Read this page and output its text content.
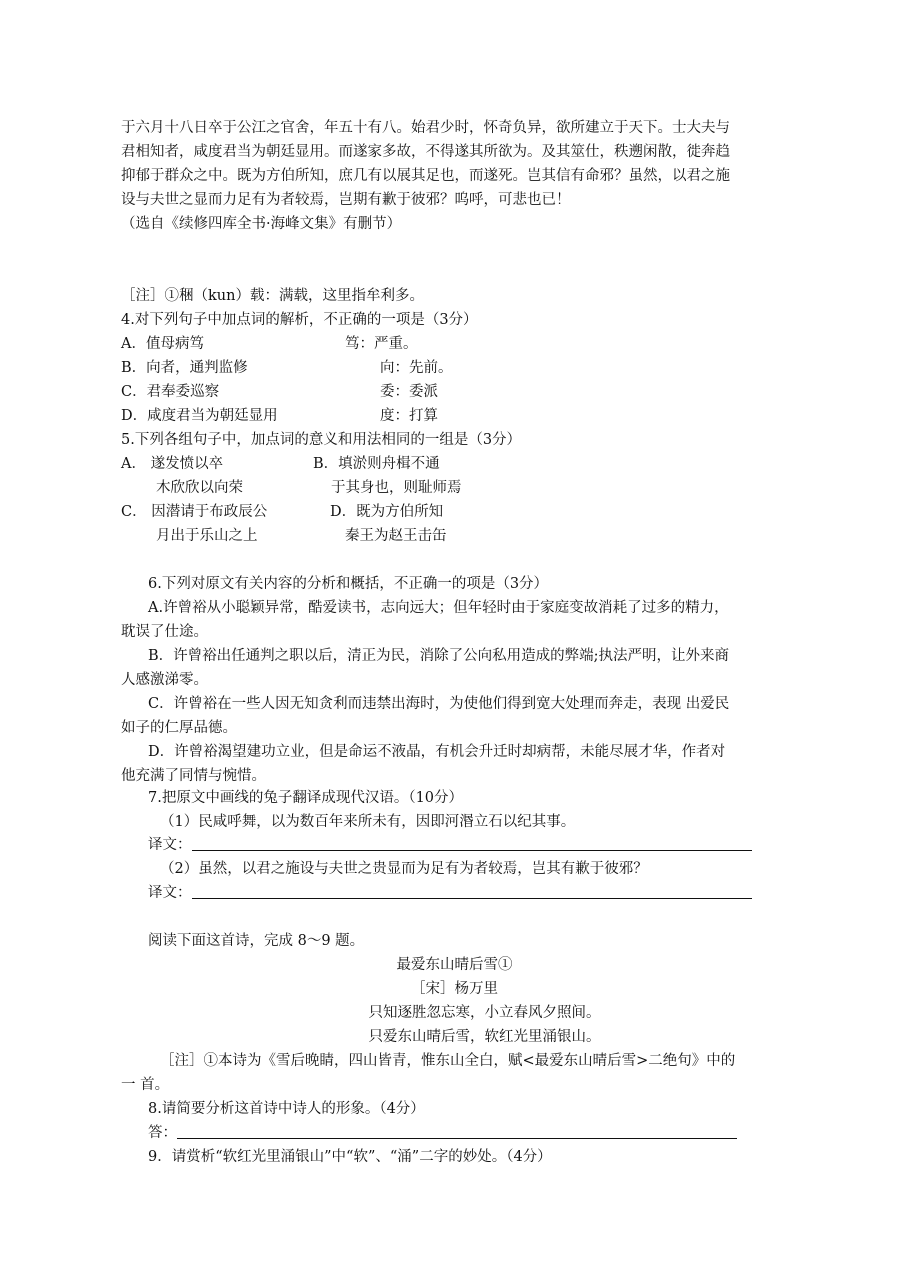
于六月十八日卒于公江之官舍，年五十有八。始君少时，怀奇负异，欲所建立于天下。士大夫与
君相知者，咸度君当为朝廷显用。而遂家多故，不得遂其所欲为。及其筮仕，秩遡闲散，徙奔趋
抑郁于群众之中。既为方伯所知，庶几有以展其足也，而遂死。岂其信有命邪？虽然，以君之施
设与夫世之显而力足有为者较焉，岂期有歉于彼邪？呜呼，可悲也已！
（选自《续修四库全书·海峰文集》有删节）
［注］①稇（kun）载：满载，这里指牟利多。
4.对下列句子中加点词的解析，不正确的一项是（3分）
A．值母病笃	笃：严重。
B．向者，通判监修	向：先前。
C．君奉委巡察	委：委派
D．咸度君当为朝廷显用	度：打算
5.下列各组句子中，加点词的意义和用法相同的一组是（3分）
A． 遂发愤以卒	B．填淤则舟楫不通
木欣欣以向荣	于其身也，则耻师焉
C． 因潜请于布政辰公	D．既为方伯所知
月出于乐山之上	秦王为赵王击缶
6.下列对原文有关内容的分析和概括，不正确一的项是（3分）
A.许曾裕从小聪颖异常，酷爱读书，志向远大；但年轻时由于家庭变故消耗了过多的精力，
耽误了仕途。
B．许曾裕出任通判之职以后，清正为民，消除了公向私用造成的弊端;执法严明，让外来商
人感激涕零。
C．许曾裕在一些人因无知贪利而违禁出海时，为使他们得到宽大处理而奔走，表现 出爱民
如子的仁厚品德。
D．许曾裕渴望建功立业，但是命运不液晶，有机会升迁时却病帮，未能尽展才华，作者对
他充满了同情与惋惜。
7.把原文中画线的兔子翻译成现代汉语。（10分）
（1）民咸呼舞，以为数百年来所未有，因即河湣立石以纪其事。
译文：
（2）虽然，以君之施设与夫世之贵显而为足有为者较焉，岂其有歉于彼邪？
译文：
阅读下面这首诗，完成 8～9 题。
最爱东山晴后雪①
［宋］杨万里
只知逐胜忽忘寒，小立春风夕照间。
只爱东山晴后雪，软红光里涌银山。
［注］①本诗为《雪后晚睛，四山皆青，惟东山全白，赋<最爱东山晴后雪>二绝句》中的
一 首。
8.请简要分析这首诗中诗人的形象。（4分）
答：
9．请赏析“软红光里涌银山”中“软”、“涌”二字的妙处。（4分）
